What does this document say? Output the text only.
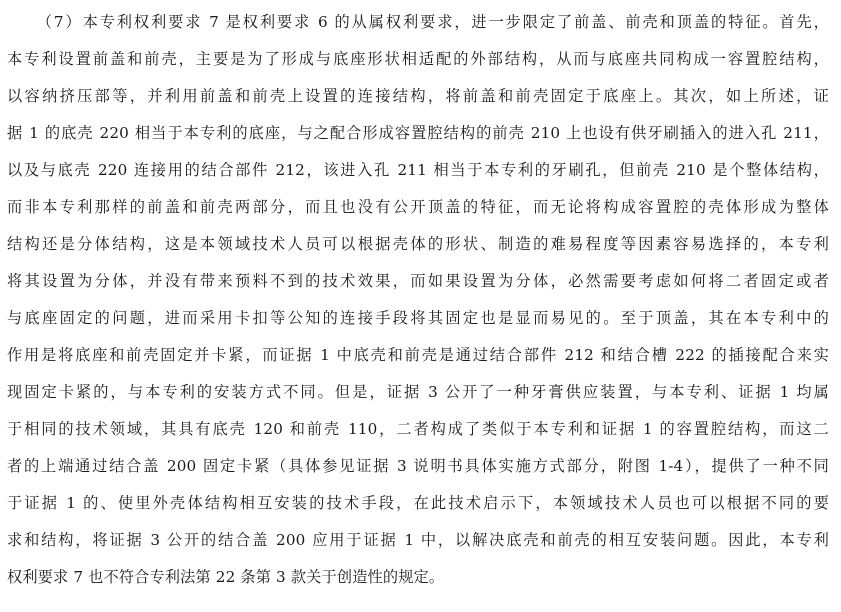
（7）本专利权利要求 7 是权利要求 6 的从属权利要求，进一步限定了前盖、前壳和顶盖的特征。首先，
本专利设置前盖和前壳，主要是为了形成与底座形状相适配的外部结构，从而与底座共同构成一容置腔结构，
以容纳挤压部等，并利用前盖和前壳上设置的连接结构，将前盖和前壳固定于底座上。其次，如上所述，证
据 1 的底壳 220 相当于本专利的底座，与之配合形成容置腔结构的前壳 210 上也设有供牙刷插入的进入孔 211，
以及与底壳 220 连接用的结合部件 212，该进入孔 211 相当于本专利的牙刷孔，但前壳 210 是个整体结构，
而非本专利那样的前盖和前壳两部分，而且也没有公开顶盖的特征，而无论将构成容置腔的壳体形成为整体
结构还是分体结构，这是本领域技术人员可以根据壳体的形状、制造的难易程度等因素容易选择的，本专利
将其设置为分体，并没有带来预料不到的技术效果，而如果设置为分体，必然需要考虑如何将二者固定或者
与底座固定的问题，进而采用卡扣等公知的连接手段将其固定也是显而易见的。至于顶盖，其在本专利中的
作用是将底座和前壳固定并卡紧，而证据 1 中底壳和前壳是通过结合部件 212 和结合槽 222 的插接配合来实
现固定卡紧的，与本专利的安装方式不同。但是，证据 3 公开了一种牙膏供应装置，与本专利、证据 1 均属
于相同的技术领域，其具有底壳 120 和前壳 110，二者构成了类似于本专利和证据 1 的容置腔结构，而这二
者的上端通过结合盖 200 固定卡紧（具体参见证据 3 说明书具体实施方式部分，附图 1-4），提供了一种不同
于证据 1 的、使里外壳体结构相互安装的技术手段，在此技术启示下，本领域技术人员也可以根据不同的要
求和结构，将证据 3 公开的结合盖 200 应用于证据 1 中，以解决底壳和前壳的相互安装问题。因此，本专利
权利要求 7 也不符合专利法第 22 条第 3 款关于创造性的规定。
